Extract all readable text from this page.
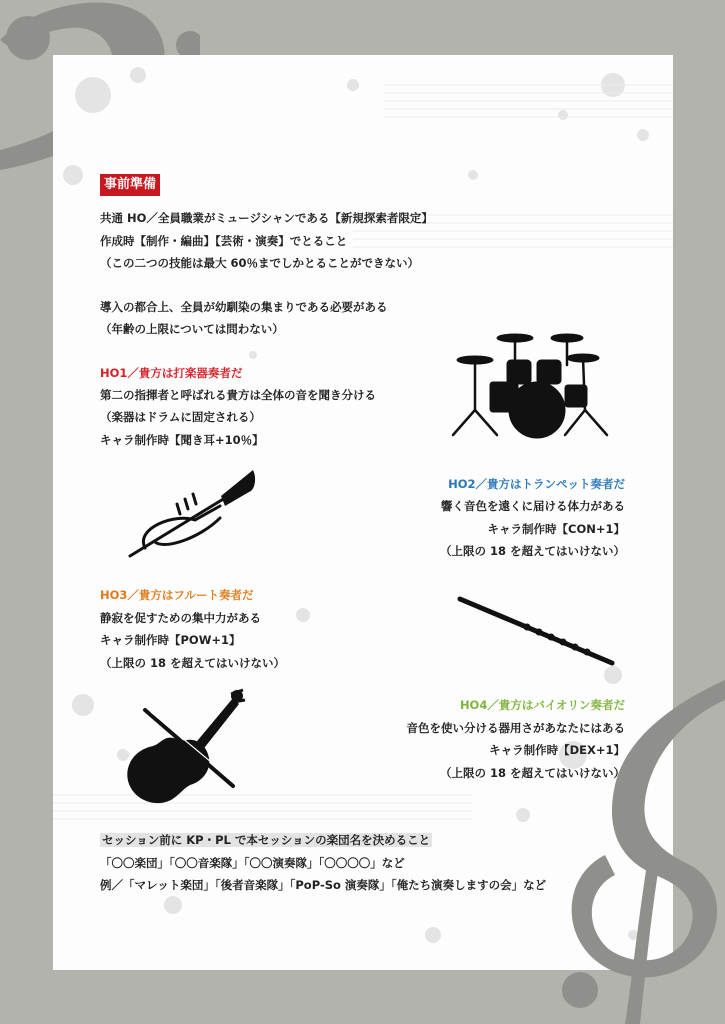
事前準備
共通 HO／全員職業がミュージシャンである【新規探索者限定】
作成時【制作・編曲】【芸術・演奏】でとること
（この二つの技能は最大 60％までしかとることができない）
導入の都合上、全員が幼馴染の集まりである必要がある
（年齢の上限については問わない）
HO1／貴方は打楽器奏者だ
第二の指揮者と呼ばれる貴方は全体の音を聞き分ける
（楽器はドラムに固定される）
キャラ制作時【聞き耳+10％】
HO2／貴方はトランペット奏者だ
響く音色を遠くに届ける体力がある
キャラ制作時【CON+1】
（上限の 18 を超えてはいけない）
HO3／貴方はフルート奏者だ
静寂を促すための集中力がある
キャラ制作時【POW+1】
（上限の 18 を超えてはいけない）
HO4／貴方はバイオリン奏者だ
音色を使い分ける器用さがあなたにはある
キャラ制作時【DEX+1】
（上限の 18 を超えてはいけない）
セッション前に KP・PL で本セッションの楽団名を決めること
「〇〇楽団」「〇〇音楽隊」「〇〇演奏隊」「〇〇〇〇」など
例／「マレット楽団」「後者音楽隊」「PoP-So 演奏隊」「俺たち演奏しますの会」など
